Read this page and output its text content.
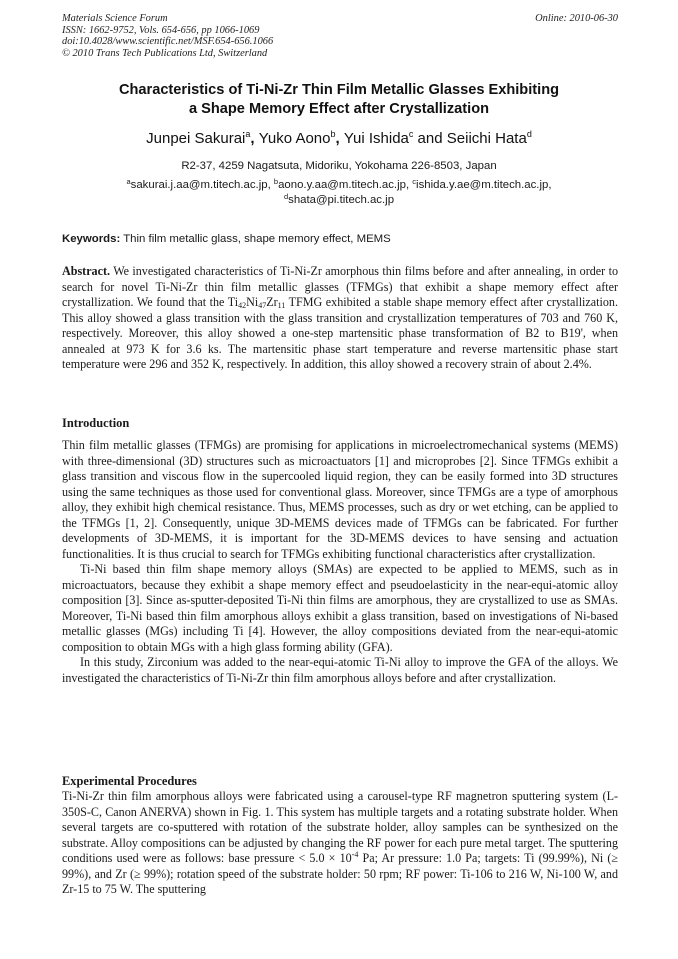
Materials Science Forum
ISSN: 1662-9752, Vols. 654-656, pp 1066-1069
doi:10.4028/www.scientific.net/MSF.654-656.1066
© 2010 Trans Tech Publications Ltd, Switzerland
Online: 2010-06-30
Characteristics of Ti-Ni-Zr Thin Film Metallic Glasses Exhibiting
a Shape Memory Effect after Crystallization
Junpei Sakurai$^a$, Yuko Aono$^b$, Yui Ishida$^c$ and Seiichi Hata$^d$
R2-37, 4259 Nagatsuta, Midoriku, Yokohama 226-8503, Japan
$^a$sakurai.j.aa@m.titech.ac.jp, $^b$aono.y.aa@m.titech.ac.jp, $^c$ishida.y.ae@m.titech.ac.jp,
$^d$shata@pi.titech.ac.jp
Keywords: Thin film metallic glass, shape memory effect, MEMS
Abstract. We investigated characteristics of Ti-Ni-Zr amorphous thin films before and after annealing, in order to search for novel Ti-Ni-Zr thin film metallic glasses (TFMGs) that exhibit a shape memory effect after crystallization. We found that the $Ti_{42}Ni_{47}Zr_{11}$ TFMG exhibited a stable shape memory effect after crystallization. This alloy showed a glass transition with the glass transition and crystallization temperatures of 703 and 760 K, respectively. Moreover, this alloy showed a one-step martensitic phase transformation of B2 to B19', when annealed at 973 K for 3.6 ks. The martensitic phase start temperature and reverse martensitic phase start temperature were 296 and 352 K, respectively. In addition, this alloy showed a recovery strain of about 2.4%.
Introduction

Thin film metallic glasses (TFMGs) are promising for applications in microelectromechanical systems (MEMS) with three-dimensional (3D) structures such as microactuators [1] and microprobes [2]. Since TFMGs exhibit a glass transition and viscous flow in the supercooled liquid region, they can be easily formed into 3D structures using the same techniques as those used for conventional glass. Moreover, since TFMGs are a type of amorphous alloy, they exhibit high chemical resistance. Thus, MEMS processes, such as dry or wet etching, can be applied to the TFMGs [1, 2]. Consequently, unique 3D-MEMS devices made of TFMGs can be fabricated. For further developments of 3D-MEMS, it is important for the 3D-MEMS devices to have sensing and actuation functionalities. It is thus crucial to search for TFMGs exhibiting functional characteristics after crystallization.

Ti-Ni based thin film shape memory alloys (SMAs) are expected to be applied to MEMS, such as in microactuators, because they exhibit a shape memory effect and pseudoelasticity in the near-equi-atomic alloy composition [3]. Since as-sputter-deposited Ti-Ni thin films are amorphous, they are crystallized to use as SMAs. Moreover, Ti-Ni based thin film amorphous alloys exhibit a glass transition, based on investigations of Ni-based metallic glasses (MGs) including Ti [4]. However, the alloy compositions deviated from the near-equi-atomic composition to obtain MGs with a high glass forming ability (GFA).

In this study, Zirconium was added to the near-equi-atomic Ti-Ni alloy to improve the GFA of the alloys. We investigated the characteristics of Ti-Ni-Zr thin film amorphous alloys before and after crystallization.

Experimental Procedures

Ti-Ni-Zr thin film amorphous alloys were fabricated using a carousel-type RF magnetron sputtering system (L-350S-C, Canon ANERVA) shown in Fig. 1. This system has multiple targets and a rotating substrate holder. When several targets are co-sputtered with rotation of the substrate holder, alloy samples can be synthesized on the substrate. Alloy compositions can be adjusted by changing the RF power for each pure metal target. The sputtering conditions used were as follows: base pressure < $5.0 \times 10^{-4}$ Pa; Ar pressure: 1.0 Pa; targets: Ti (99.99%), Ni (≥ 99%), and Zr (≥ 99%); rotation speed of the substrate holder: 50 rpm; RF power: Ti-106 to 216 W, Ni-100 W, and Zr-15 to 75 W. The sputtering
